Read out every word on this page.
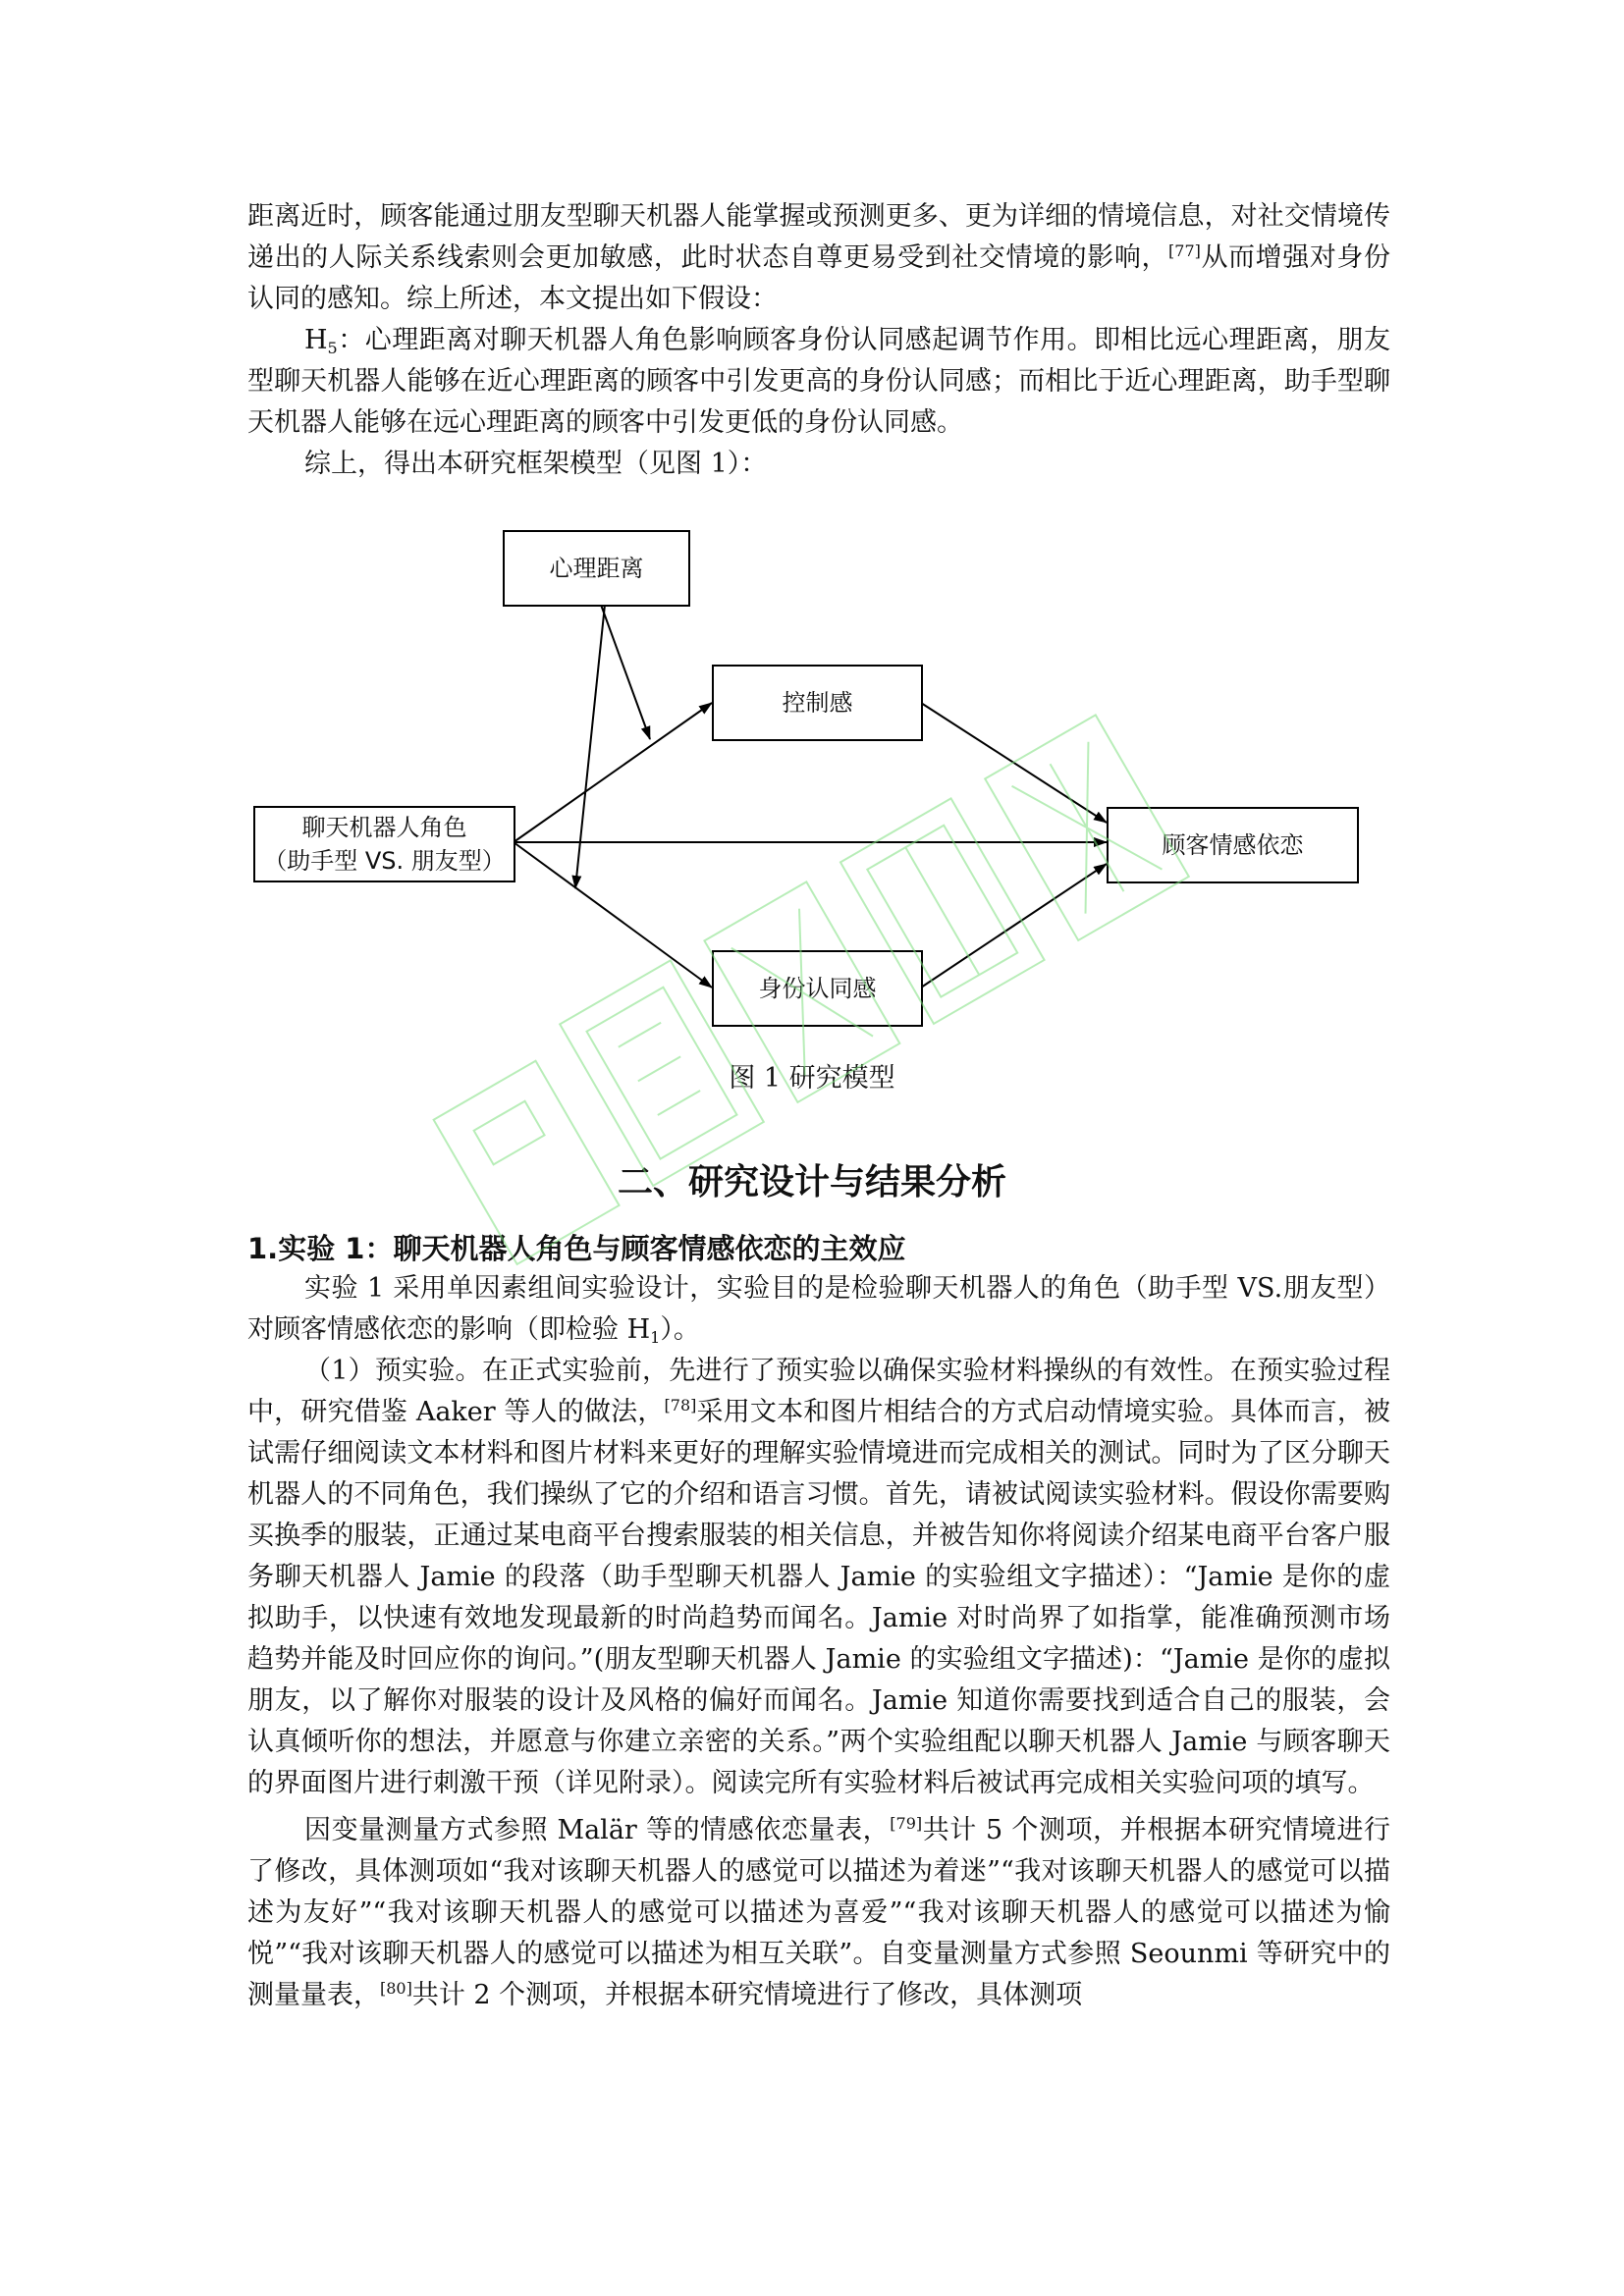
距离近时，顾客能通过朋友型聊天机器人能掌握或预测更多、更为详细的情境信息，对社交情境传递出的人际关系线索则会更加敏感，此时状态自尊更易受到社交情境的影响，[77]从而增强对身份认同的感知。综上所述，本文提出如下假设：

$H_5$：心理距离对聊天机器人角色影响顾客身份认同感起调节作用。即相比远心理距离，朋友型聊天机器人能够在近心理距离的顾客中引发更高的身份认同感；而相比于近心理距离，助手型聊天机器人能够在远心理距离的顾客中引发更低的身份认同感。

综上，得出本研究框架模型（见图 1）：

心理距离
控制感
聊天机器人角色
（助手型 VS. 朋友型）
顾客情感依恋
身份认同感
图 1 研究模型
二、研究设计与结果分析
1.实验 1：聊天机器人角色与顾客情感依恋的主效应

实验 1 采用单因素组间实验设计，实验目的是检验聊天机器人的角色（助手型 VS.朋友型）对顾客情感依恋的影响（即检验 $H_1$）。

（1）预实验。在正式实验前，先进行了预实验以确保实验材料操纵的有效性。在预实验过程中，研究借鉴 Aaker 等人的做法，[78]采用文本和图片相结合的方式启动情境实验。具体而言，被试需仔细阅读文本材料和图片材料来更好的理解实验情境进而完成相关的测试。同时为了区分聊天机器人的不同角色，我们操纵了它的介绍和语言习惯。首先，请被试阅读实验材料。假设你需要购买换季的服装，正通过某电商平台搜索服装的相关信息，并被告知你将阅读介绍某电商平台客户服务聊天机器人 Jamie 的段落（助手型聊天机器人 Jamie 的实验组文字描述）：“Jamie 是你的虚拟助手，以快速有效地发现最新的时尚趋势而闻名。Jamie 对时尚界了如指掌，能准确预测市场趋势并能及时回应你的询问。”(朋友型聊天机器人 Jamie 的实验组文字描述)：“Jamie 是你的虚拟朋友，以了解你对服装的设计及风格的偏好而闻名。Jamie 知道你需要找到适合自己的服装，会认真倾听你的想法，并愿意与你建立亲密的关系。”两个实验组配以聊天机器人 Jamie 与顾客聊天的界面图片进行刺激干预（详见附录）。阅读完所有实验材料后被试再完成相关实验问项的填写。

因变量测量方式参照 Malär 等的情感依恋量表，[79]共计 5 个测项，并根据本研究情境进行了修改，具体测项如“我对该聊天机器人的感觉可以描述为着迷”“我对该聊天机器人的感觉可以描述为友好”“我对该聊天机器人的感觉可以描述为喜爱”“我对该聊天机器人的感觉可以描述为愉悦”“我对该聊天机器人的感觉可以描述为相互关联”。自变量测量方式参照 Seounmi 等研究中的测量量表，[80]共计 2 个测项，并根据本研究情境进行了修改，具体测项
